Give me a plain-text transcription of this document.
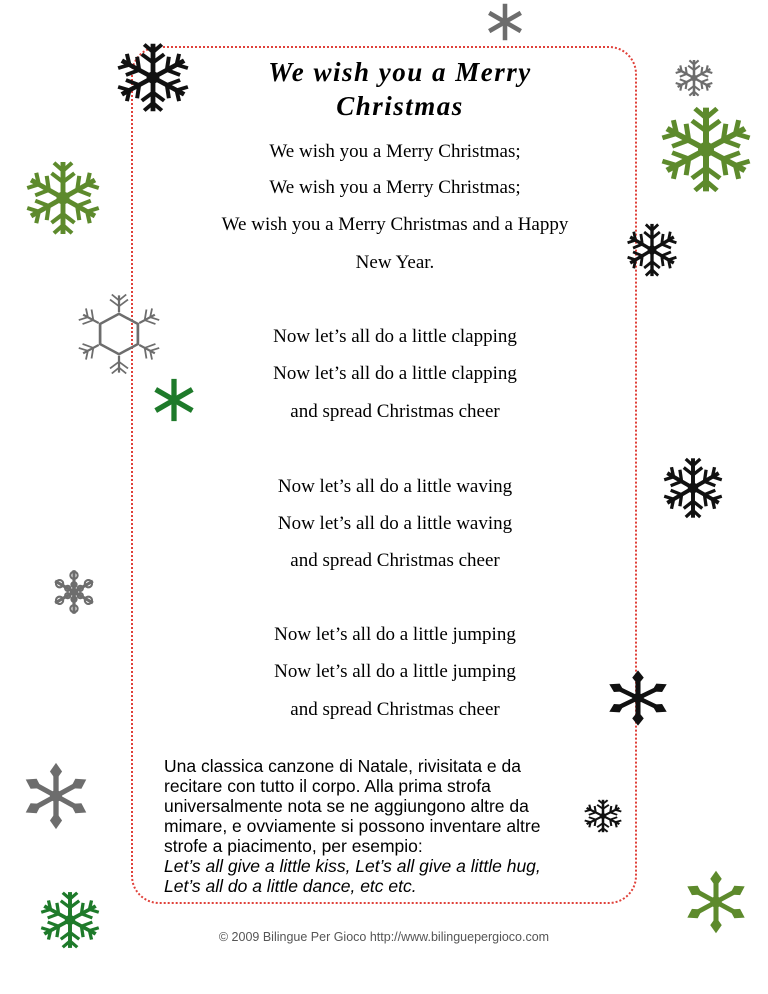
We wish you a Merry
Christmas
We wish you a Merry Christmas;
We wish you a Merry Christmas;
We wish you a Merry Christmas and a Happy
New Year.
Now let’s all do a little clapping
Now let’s all do a little clapping
and spread Christmas cheer
Now let’s all do a little waving
Now let’s all do a little waving
and spread Christmas cheer
Now let’s all do a little jumping
Now let’s all do a little jumping
and spread Christmas cheer
Una classica canzone di Natale, rivisitata e da
recitare con tutto il corpo. Alla prima strofa
universalmente nota se ne aggiungono altre da
mimare, e ovviamente si possono inventare altre
strofe a piacimento, per esempio:
Let’s all give a little kiss, Let’s all give a little hug,
Let’s all do a little dance, etc etc.
© 2009 Bilingue Per Gioco http://www.bilinguepergioco.com
